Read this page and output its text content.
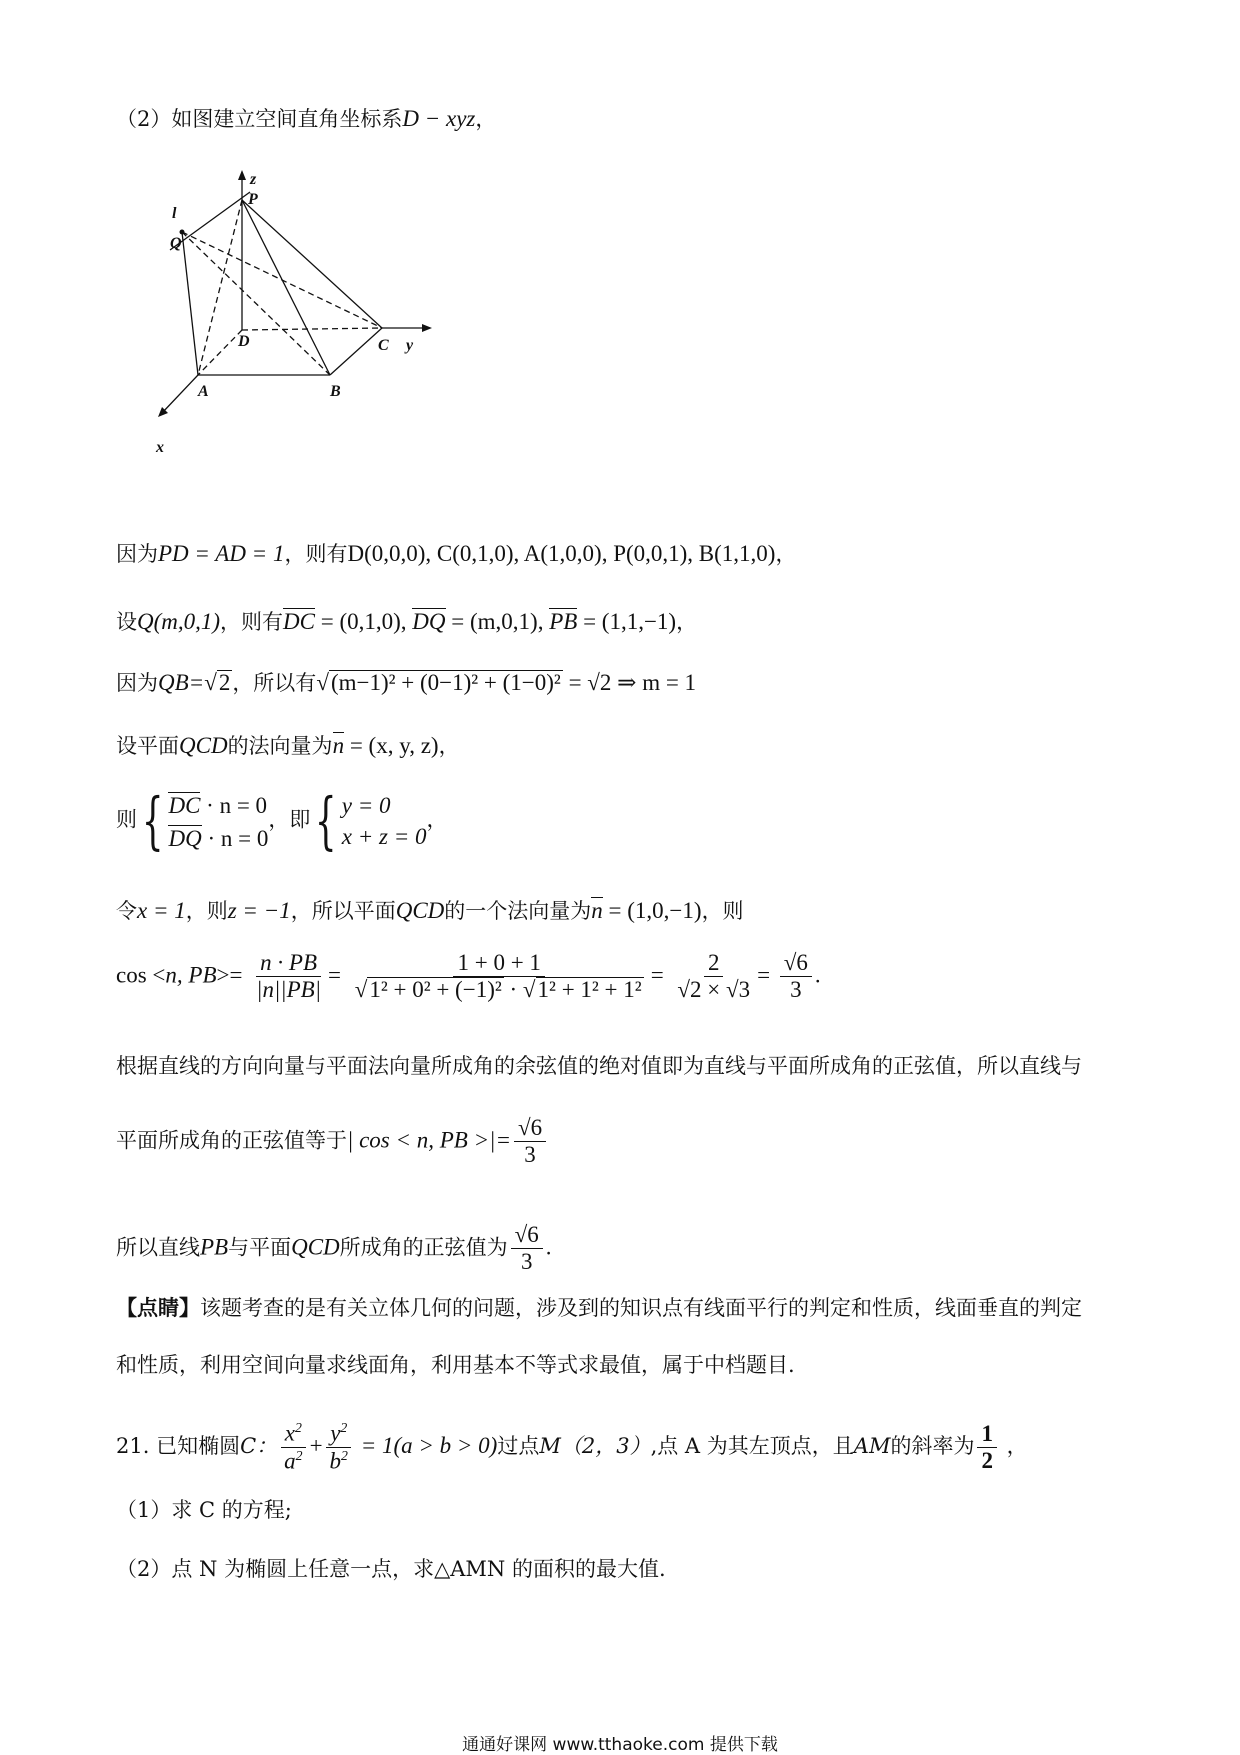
（2）如图建立空间直角坐标系D − xyz，
z
P
l
Q
D	C y
A	B
x
因为PD = AD = 1，则有D(0,0,0), C(0,1,0), A(1,0,0), P(0,0,1), B(1,1,0)，
设Q(m,0,1)，则有DC = (0,1,0), DQ = (m,0,1), PB = (1,1,−1)，
因为QB=√2，所以有√(m−1)² + (0−1)² + (1−0)² = √2 ⇒ m = 1
设平面QCD的法向量为n = (x, y, z)，
则{ DC · n = 0
DQ · n = 0
，即{ y = 0
x + z = 0
，
令x = 1，则z = −1，所以平面QCD的一个法向量为n = (1,0,−1)，则
cos <n, $PB>= \frac{n \cdot PB}{|n||PB|} = \frac{1 + 0 + 1}{\text{√1² + 0² + (−1)² · √1² + 1² + 1²}} = \frac{2}{√2 \times √3} = \frac{√6}{3}$ .
根据直线的方向向量与平面法向量所成角的余弦值的绝对值即为直线与平面所成角的正弦值，所以直线与
平面所成角的正弦值等于| cos < n, PB >|= $\frac{√6}{3}$
所以直线PB与平面QCD所成角的正弦值为 $\frac{√6}{3}$ .
【点睛】该题考查的是有关立体几何的问题，涉及到的知识点有线面平行的判定和性质，线面垂直的判定
和性质，利用空间向量求线面角，利用基本不等式求最值，属于中档题目.
21. 已知椭圆C： $\frac{x^2}{a^2} + \frac{y^2}{b^2} = 1(a > b > 0)$过点M（2，3）,点 A 为其左顶点，且AM的斜率为 $\frac{1}{2}$ ，
（1）求 C 的方程;
（2）点 N 为椭圆上任意一点，求△AMN 的面积的最大值.
通通好课网 www.tthaoke.com 提供下载
